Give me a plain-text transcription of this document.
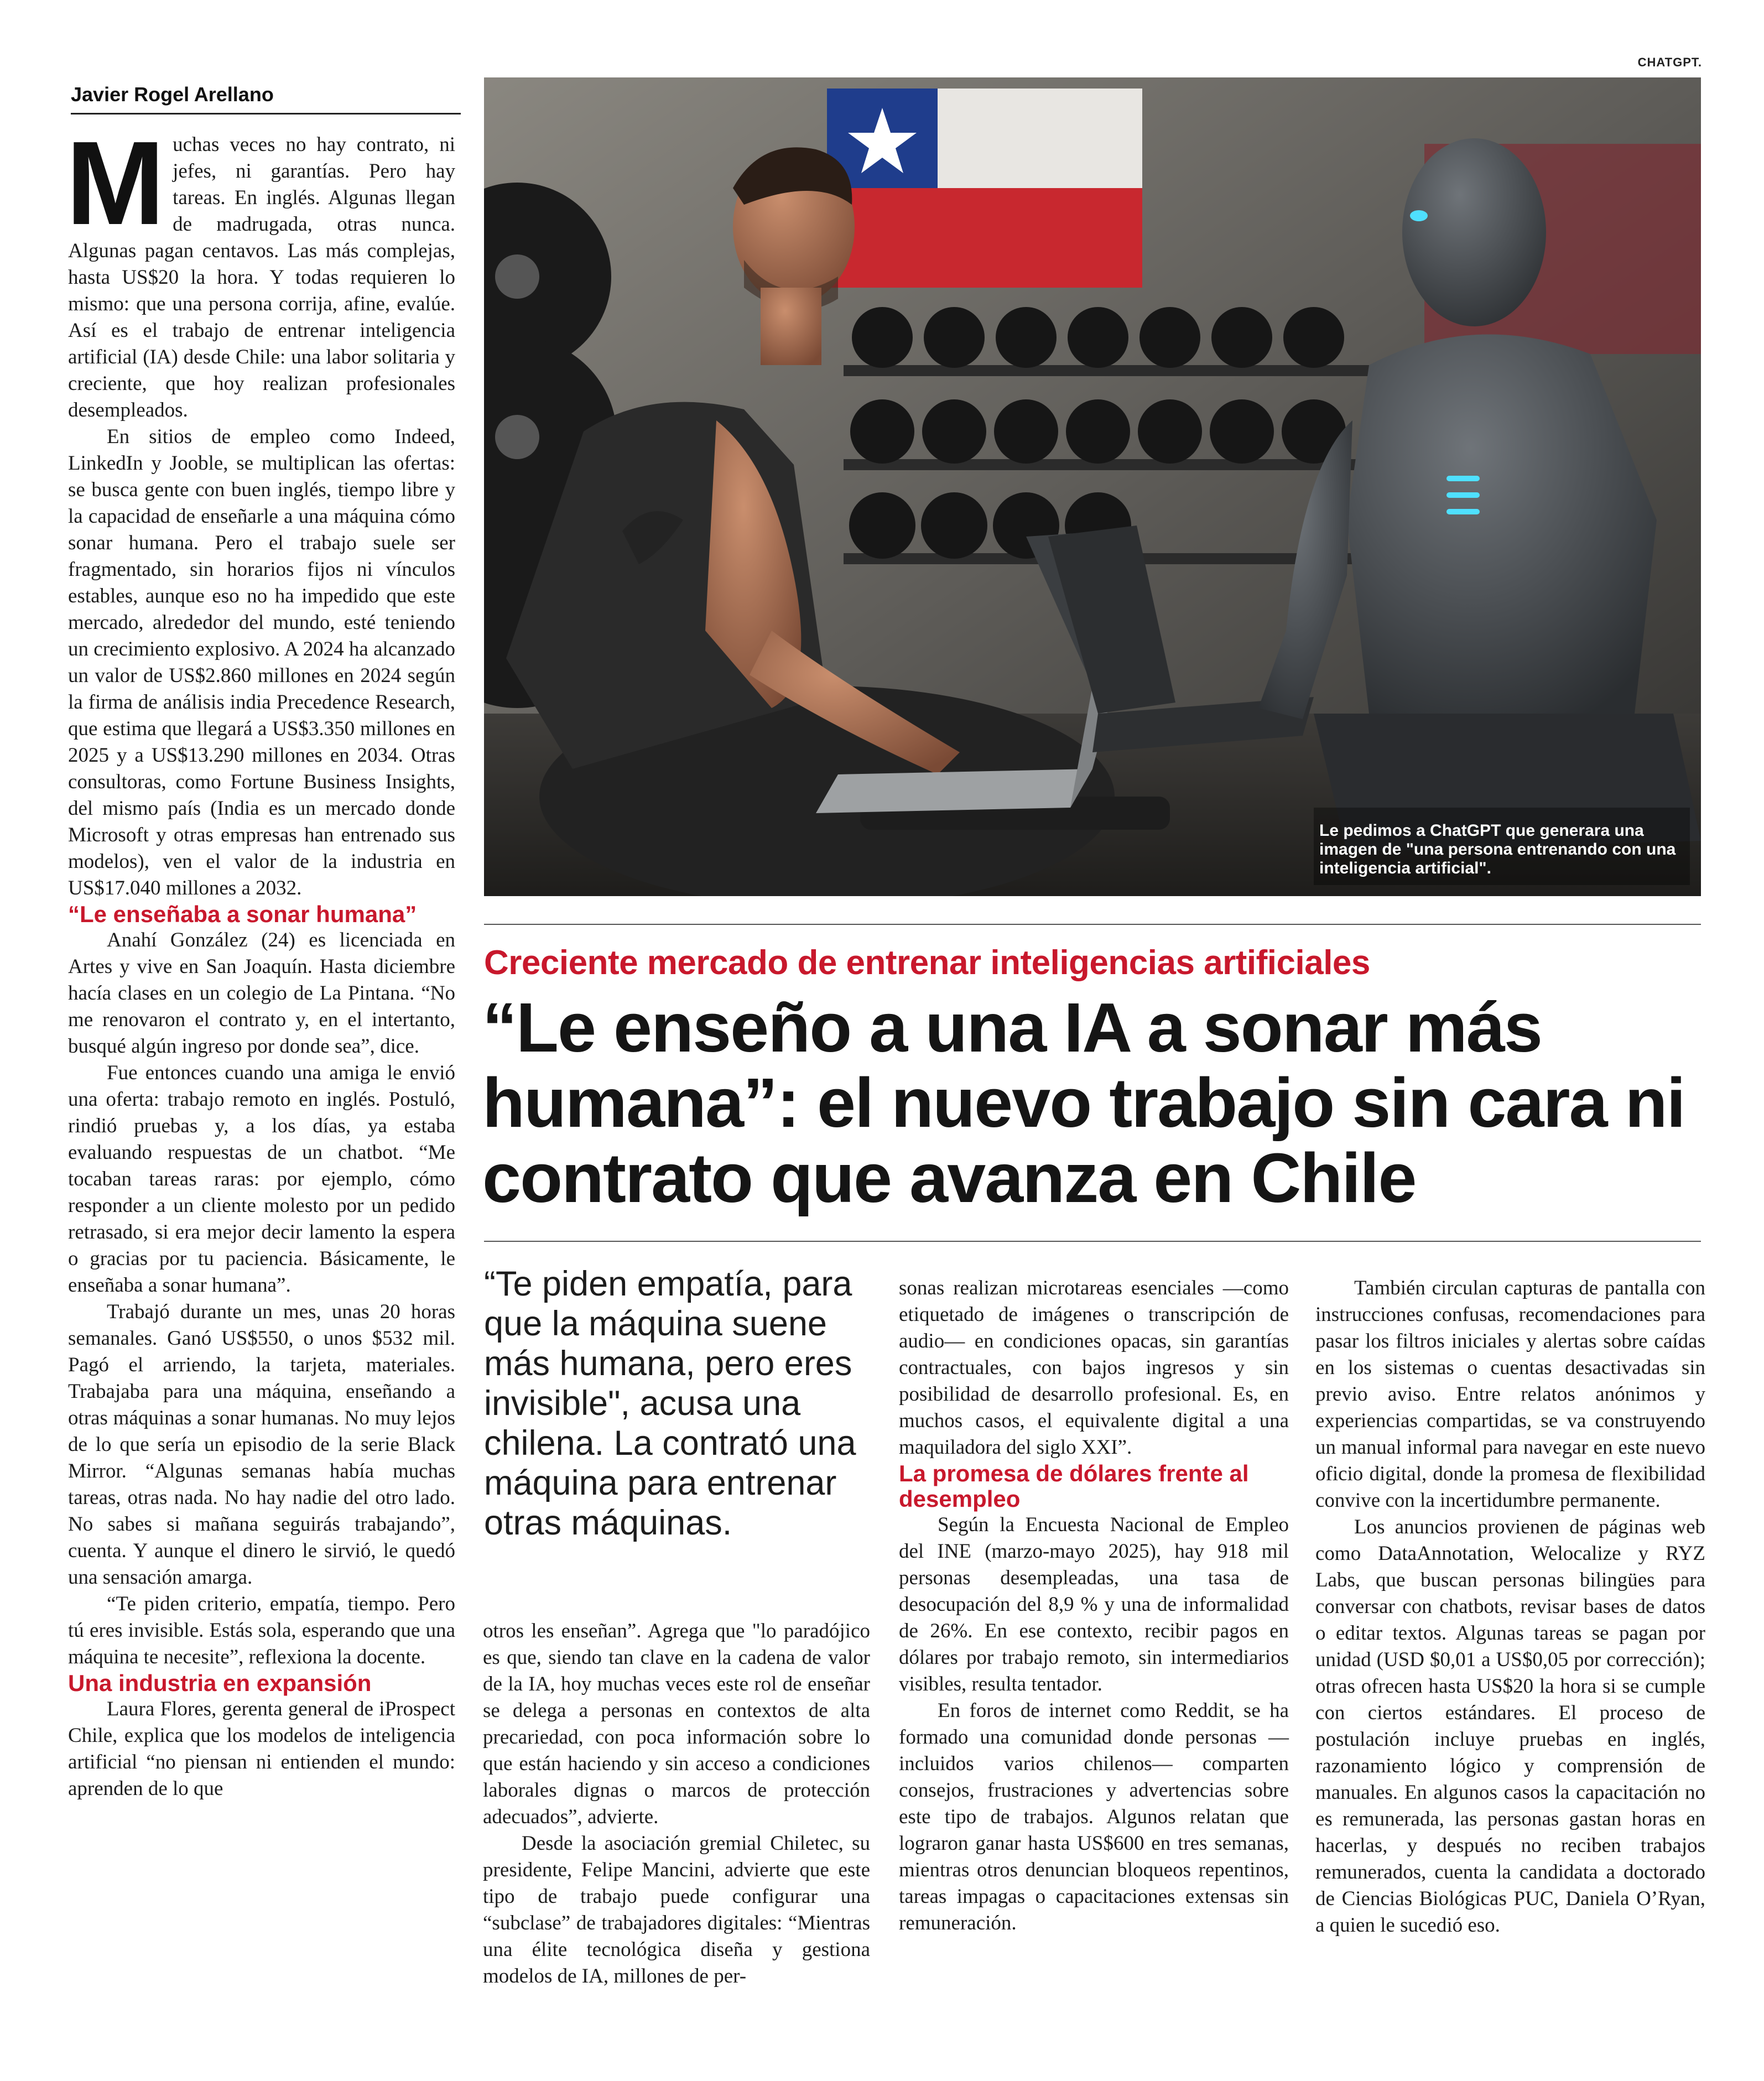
Javier Rogel Arellano
CHATGPT.

Muchas veces no hay contrato, ni jefes, ni garantías. Pero hay tareas. En inglés. Algunas llegan de madrugada, otras nunca. Algunas pagan centavos. Las más complejas, hasta US$20 la hora. Y todas requieren lo mismo: que una persona corrija, afine, evalúe. Así es el trabajo de entrenar inteligencia artificial (IA) desde Chile: una labor solitaria y creciente, que hoy realizan profesionales desempleados.

En sitios de empleo como Indeed, LinkedIn y Jooble, se multiplican las ofertas: se busca gente con buen inglés, tiempo libre y la capacidad de enseñarle a una máquina cómo sonar humana. Pero el trabajo suele ser fragmentado, sin horarios fijos ni vínculos estables, aunque eso no ha impedido que este mercado, alrededor del mundo, esté teniendo un crecimiento explosivo. A 2024 ha alcanzado un valor de US$2.860 millones en 2024 según la firma de análisis india Precedence Research, que estima que llegará a US$3.350 millones en 2025 y a US$13.290 millones en 2034. Otras consultoras, como Fortune Business Insights, del mismo país (India es un mercado donde Microsoft y otras empresas han entrenado sus modelos), ven el valor de la industria en US$17.040 millones a 2032.

“Le enseñaba a sonar humana”

Anahí González (24) es licenciada en Artes y vive en San Joaquín. Hasta diciembre hacía clases en un colegio de La Pintana. “No me renovaron el contrato y, en el intertanto, busqué algún ingreso por donde sea”, dice.

Fue entonces cuando una amiga le envió una oferta: trabajo remoto en inglés. Postuló, rindió pruebas y, a los días, ya estaba evaluando respuestas de un chatbot. “Me tocaban tareas raras: por ejemplo, cómo responder a un cliente molesto por un pedido retrasado, si era mejor decir lamento la espera o gracias por tu paciencia. Básicamente, le enseñaba a sonar humana”.

Trabajó durante un mes, unas 20 horas semanales. Ganó US$550, o unos $532 mil. Pagó el arriendo, la tarjeta, materiales. Trabajaba para una máquina, enseñando a otras máquinas a sonar humanas. No muy lejos de lo que sería un episodio de la serie Black Mirror. “Algunas semanas había muchas tareas, otras nada. No hay nadie del otro lado. No sabes si mañana seguirás trabajando”, cuenta. Y aunque el dinero le sirvió, le quedó una sensación amarga.

“Te piden criterio, empatía, tiempo. Pero tú eres invisible. Estás sola, esperando que una máquina te necesite”, reflexiona la docente.

Una industria en expansión

Laura Flores, gerenta general de iProspect Chile, explica que los modelos de inteligencia artificial “no piensan ni entienden el mundo: aprenden de lo que

Le pedimos a ChatGPT que generara una imagen de "una persona entrenando con una inteligencia artificial".
Creciente mercado de entrenar inteligencias artificiales
“Le enseño a una IA a sonar más humana”: el nuevo trabajo sin cara ni contrato que avanza en Chile
“Te piden empatía, para que la máquina suene más humana, pero eres invisible", acusa una chilena. La contrató una máquina para entrenar otras máquinas.

otros les enseñan”. Agrega que "lo paradójico es que, siendo tan clave en la cadena de valor de la IA, hoy muchas veces este rol de enseñar se delega a personas en contextos de alta precariedad, con poca información sobre lo que están haciendo y sin acceso a condiciones laborales dignas o marcos de protección adecuados”, advierte.

Desde la asociación gremial Chiletec, su presidente, Felipe Mancini, advierte que este tipo de trabajo puede configurar una “subclase” de trabajadores digitales: “Mientras una élite tecnológica diseña y gestiona modelos de IA, millones de per-

sonas realizan microtareas esenciales —como etiquetado de imágenes o transcripción de audio— en condiciones opacas, sin garantías contractuales, con bajos ingresos y sin posibilidad de desarrollo profesional. Es, en muchos casos, el equivalente digital a una maquiladora del siglo XXI”.

La promesa de dólares frente al desempleo

Según la Encuesta Nacional de Empleo del INE (marzo-mayo 2025), hay 918 mil personas desempleadas, una tasa de desocupación del 8,9 % y una de informalidad de 26%. En ese contexto, recibir pagos en dólares por trabajo remoto, sin intermediarios visibles, resulta tentador.

En foros de internet como Reddit, se ha formado una comunidad donde personas —incluidos varios chilenos— comparten consejos, frustraciones y advertencias sobre este tipo de trabajos. Algunos relatan que lograron ganar hasta US$600 en tres semanas, mientras otros denuncian bloqueos repentinos, tareas impagas o capacitaciones extensas sin remuneración.

También circulan capturas de pantalla con instrucciones confusas, recomendaciones para pasar los filtros iniciales y alertas sobre caídas en los sistemas o cuentas desactivadas sin previo aviso. Entre relatos anónimos y experiencias compartidas, se va construyendo un manual informal para navegar en este nuevo oficio digital, donde la promesa de flexibilidad convive con la incertidumbre permanente.

Los anuncios provienen de páginas web como DataAnnotation, Welocalize y RYZ Labs, que buscan personas bilingües para conversar con chatbots, revisar bases de datos o editar textos. Algunas tareas se pagan por unidad (USD $0,01 a US$0,05 por corrección); otras ofrecen hasta US$20 la hora si se cumple con ciertos estándares. El proceso de postulación incluye pruebas en inglés, razonamiento lógico y comprensión de manuales. En algunos casos la capacitación no es remunerada, las personas gastan horas en hacerlas, y después no reciben trabajos remunerados, cuenta la candidata a doctorado de Ciencias Biológicas PUC, Daniela O’Ryan, a quien le sucedió eso.
